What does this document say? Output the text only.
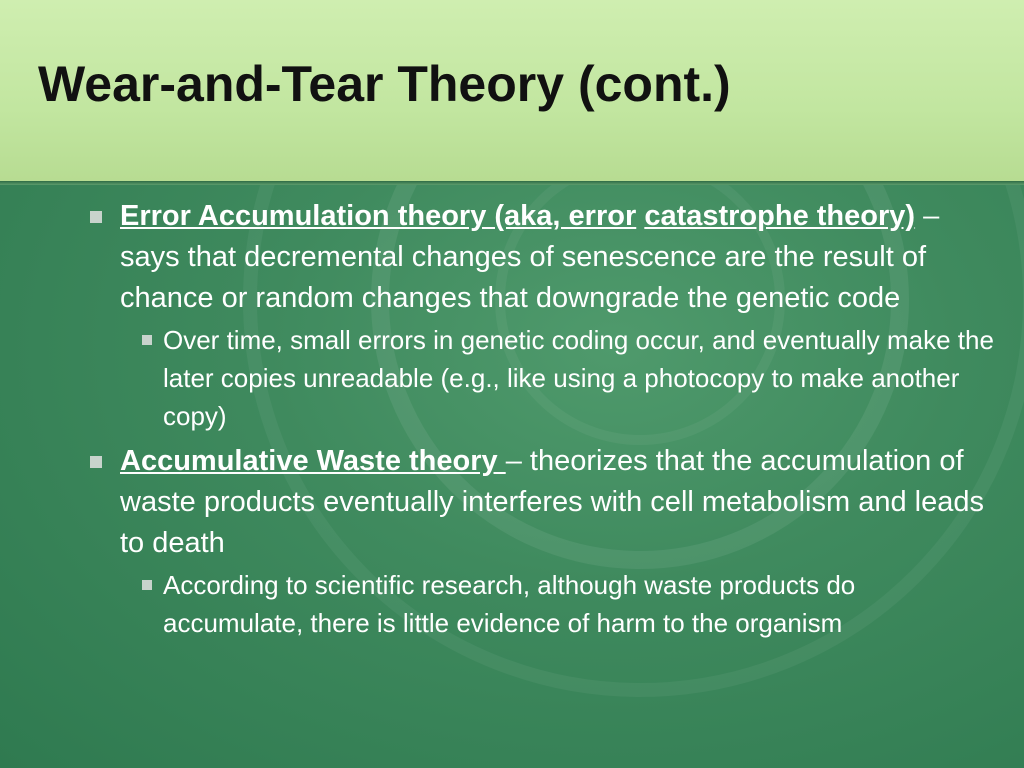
Wear-and-Tear Theory (cont.)
Error Accumulation theory (aka, error catastrophe theory) – says that decremental changes of senescence are the result of chance or random changes that downgrade the genetic code
Over time, small errors in genetic coding occur, and eventually make the later copies unreadable (e.g., like using a photocopy to make another copy)
Accumulative Waste theory – theorizes that the accumulation of waste products eventually interferes with cell metabolism and leads to death
According to scientific research, although waste products do accumulate, there is little evidence of harm to the organism
